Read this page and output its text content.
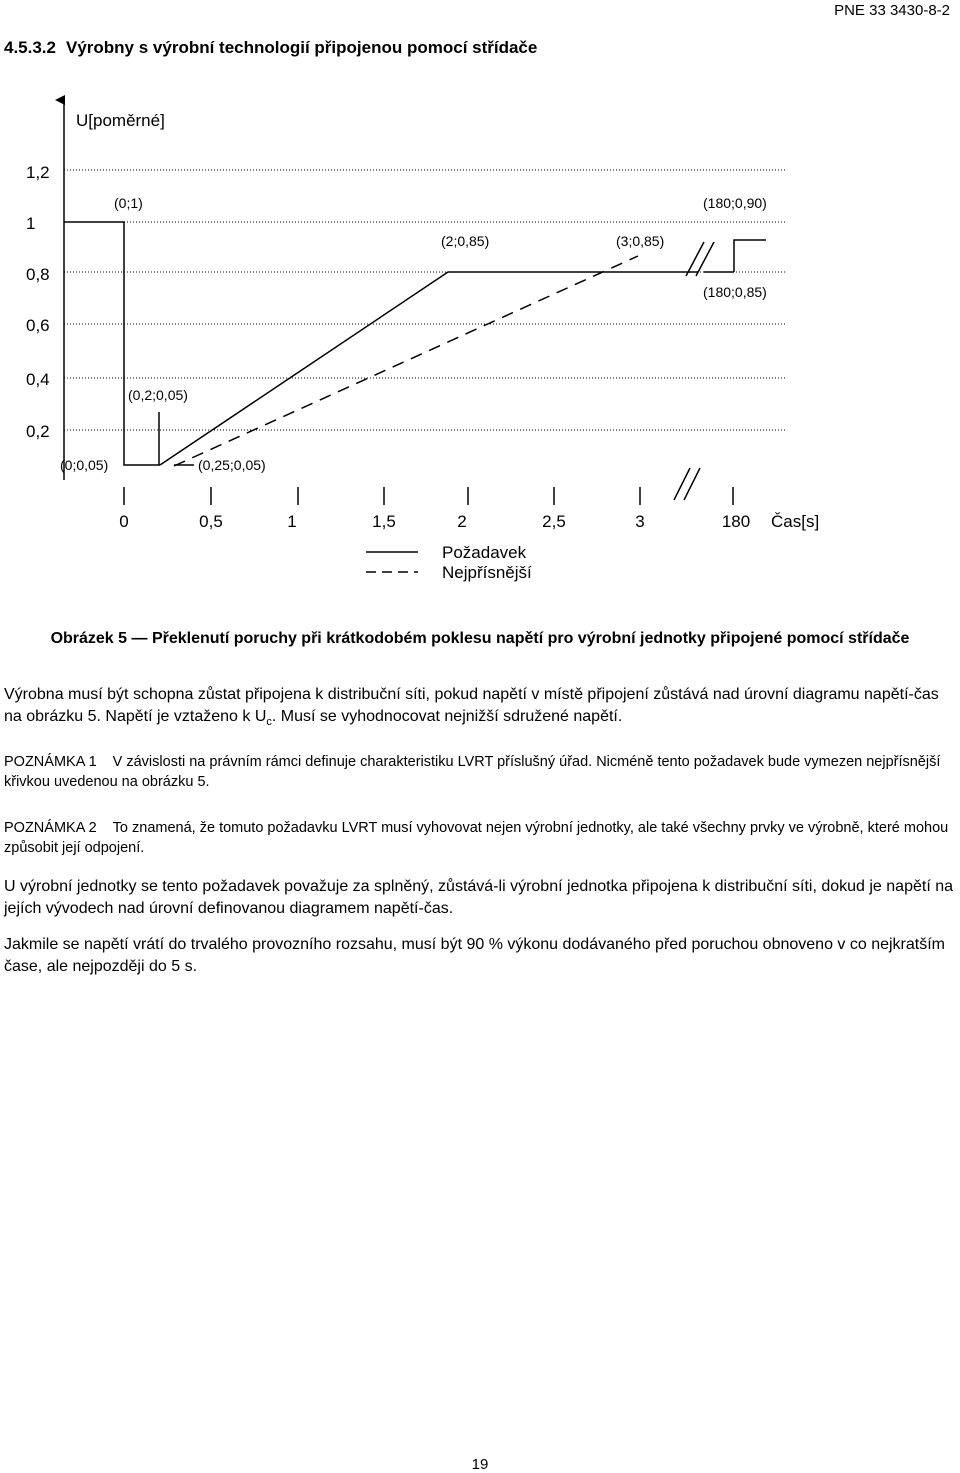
PNE 33 3430-8-2
4.5.3.2 Výrobny s výrobní technologií připojenou pomocí střídače
U[poměrné]
1,2
1
0,8
0,6
0,4
0,2
0	0,5	1	1,5	2	2,5	3	180 Čas[s]
(0;1)
(2;0,85)	(3;0,85)
(180;0,90)
(180;0,85)
(0,2;0,05)
(0;0,05)	(0,25;0,05)
Požadavek
Nejpřísnější
Obrázek 5 — Překlenutí poruchy při krátkodobém poklesu napětí pro výrobní jednotky připojené pomocí střídače
Výrobna musí být schopna zůstat připojena k distribuční síti, pokud napětí v místě připojení zůstává nad úrovní diagramu napětí-čas na obrázku 5. Napětí je vztaženo k $U_c$. Musí se vyhodnocovat nejnižší sdružené napětí.
POZNÁMKA 1 V závislosti na právním rámci definuje charakteristiku LVRT příslušný úřad. Nicméně tento požadavek bude vymezen nejpřísnější křivkou uvedenou na obrázku 5.
POZNÁMKA 2 To znamená, že tomuto požadavku LVRT musí vyhovovat nejen výrobní jednotky, ale také všechny prvky ve výrobně, které mohou způsobit její odpojení.
U výrobní jednotky se tento požadavek považuje za splněný, zůstává-li výrobní jednotka připojena k distribuční síti, dokud je napětí na jejích vývodech nad úrovní definovanou diagramem napětí-čas.
Jakmile se napětí vrátí do trvalého provozního rozsahu, musí být 90 % výkonu dodávaného před poruchou obnoveno v co nejkratším čase, ale nejpozději do 5 s.
19
